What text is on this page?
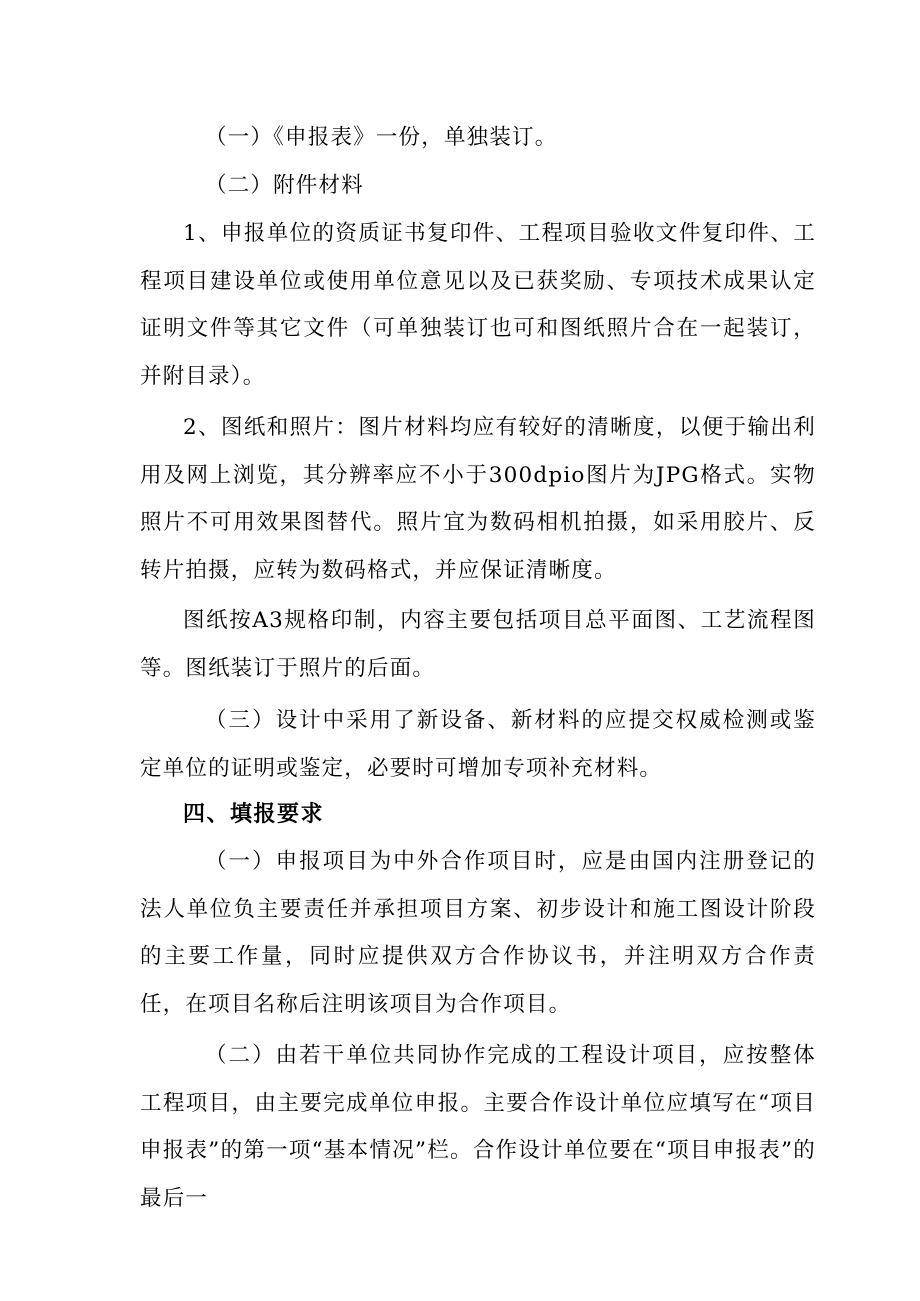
（一）《申报表》一份，单独装订。

（二）附件材料

1、申报单位的资质证书复印件、工程项目验收文件复印件、工程项目建设单位或使用单位意见以及已获奖励、专项技术成果认定证明文件等其它文件（可单独装订也可和图纸照片合在一起装订，并附目录）。

2、图纸和照片：图片材料均应有较好的清晰度，以便于输出利用及网上浏览，其分辨率应不小于300dpio图片为JPG格式。实物照片不可用效果图替代。照片宜为数码相机拍摄，如采用胶片、反转片拍摄，应转为数码格式，并应保证清晰度。

图纸按A3规格印制，内容主要包括项目总平面图、工艺流程图等。图纸装订于照片的后面。

（三）设计中采用了新设备、新材料的应提交权威检测或鉴定单位的证明或鉴定，必要时可增加专项补充材料。

四、填报要求

（一）申报项目为中外合作项目时，应是由国内注册登记的法人单位负主要责任并承担项目方案、初步设计和施工图设计阶段的主要工作量，同时应提供双方合作协议书，并注明双方合作责任，在项目名称后注明该项目为合作项目。

（二）由若干单位共同协作完成的工程设计项目，应按整体工程项目，由主要完成单位申报。主要合作设计单位应填写在“项目申报表”的第一项“基本情况”栏。合作设计单位要在“项目申报表”的最后一
